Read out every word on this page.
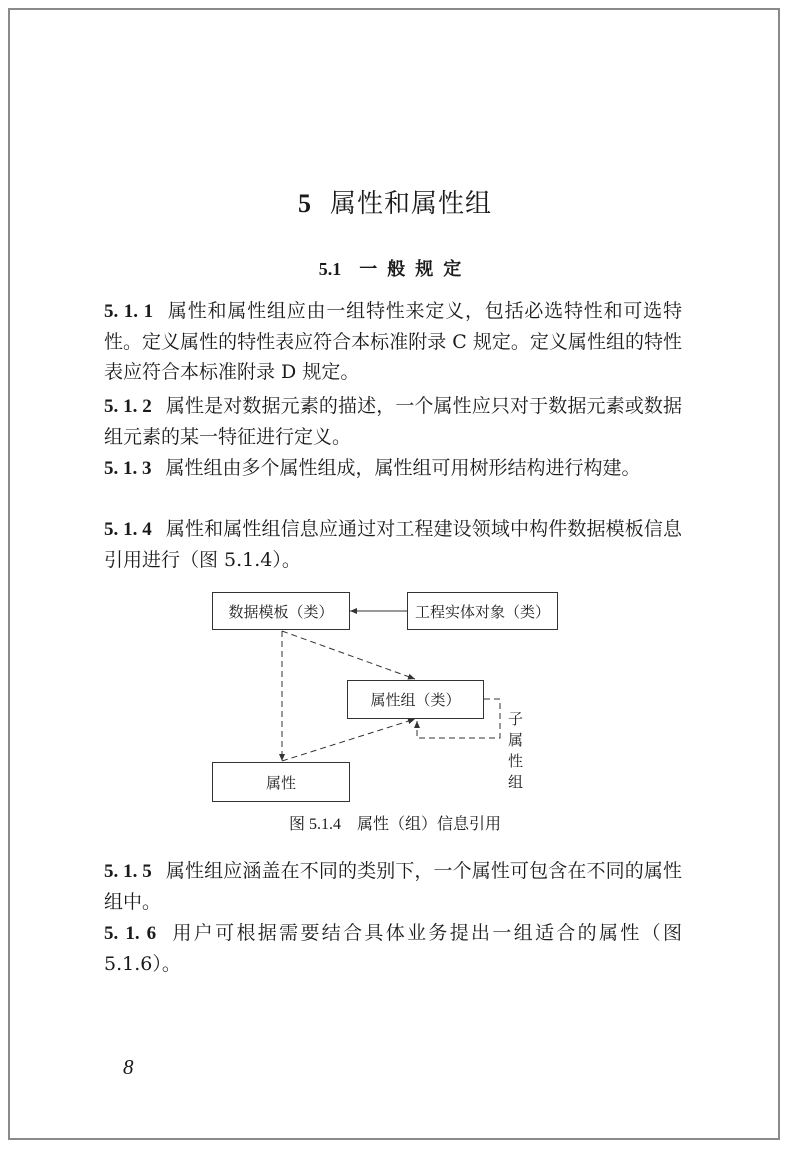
5 属性和属性组
5.1 一般规定
5. 1. 1 属性和属性组应由一组特性来定义，包括必选特性和可选特性。定义属性的特性表应符合本标准附录 C 规定。定义属性组的特性表应符合本标准附录 D 规定。
5. 1. 2 属性是对数据元素的描述，一个属性应只对于数据元素或数据组元素的某一特征进行定义。
5. 1. 3 属性组由多个属性组成，属性组可用树形结构进行构建。
5. 1. 4 属性和属性组信息应通过对工程建设领域中构件数据模板信息引用进行（图 5.1.4）。
数据模板（类）	工程实体对象（类）
属性组（类）
子属性组
属性
图 5.1.4 属性（组）信息引用
5. 1. 5 属性组应涵盖在不同的类别下，一个属性可包含在不同的属性组中。
5. 1. 6 用户可根据需要结合具体业务提出一组适合的属性（图 5.1.6）。
8
